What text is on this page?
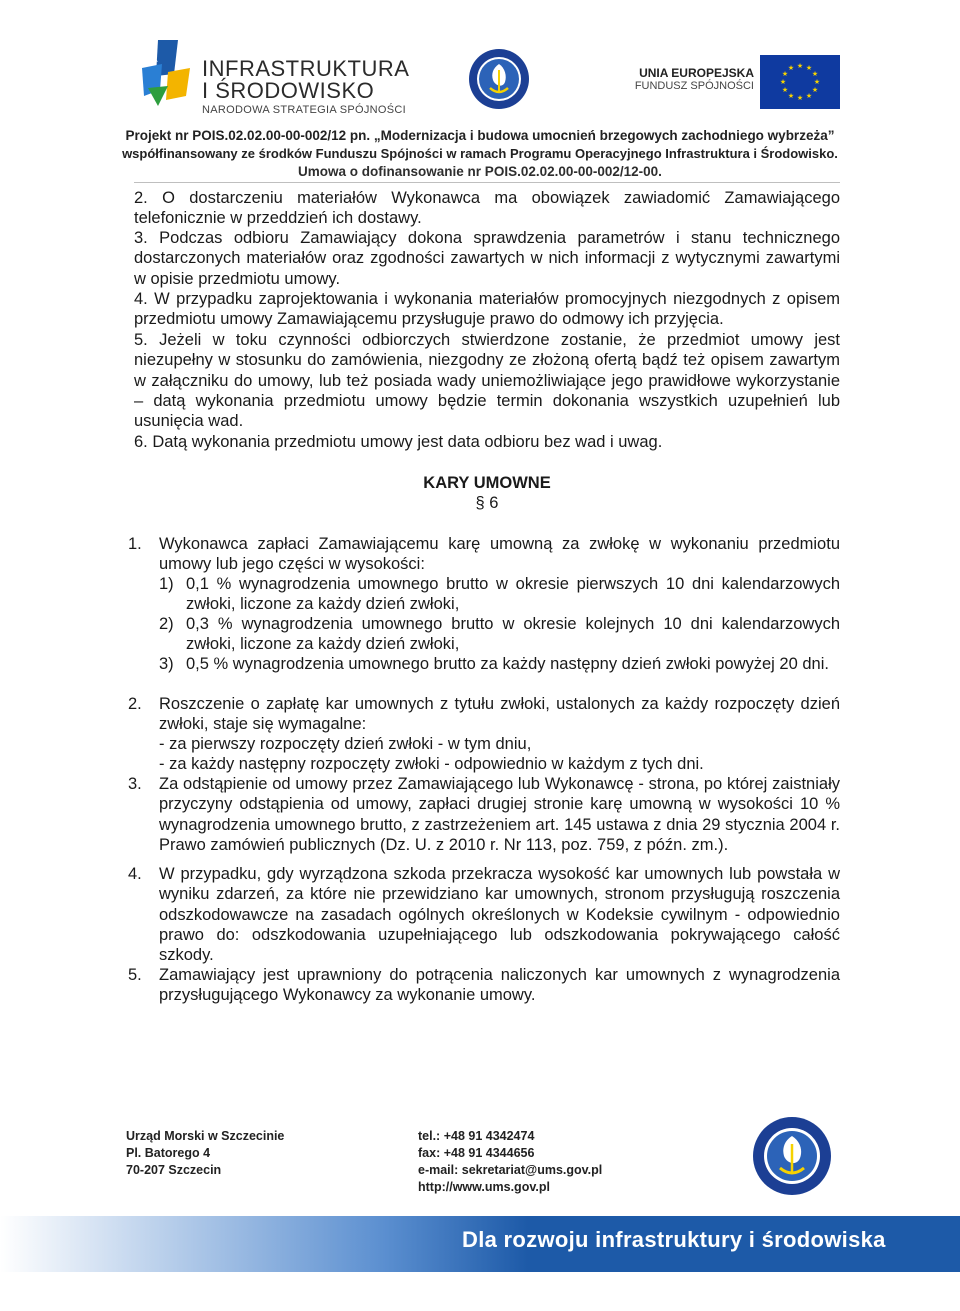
INFRASTRUKTURA
I ŚRODOWISKO
NARODOWA STRATEGIA SPÓJNOŚCI
UNIA EUROPEJSKA
FUNDUSZ SPÓJNOŚCI
★ ★
★
★
★
★
★
★
★
★
★
★
Projekt nr POIS.02.02.00-00-002/12 pn. „Modernizacja i budowa umocnień brzegowych zachodniego wybrzeża”
współfinansowany ze środków Funduszu Spójności w ramach Programu Operacyjnego Infrastruktura i Środowisko.
Umowa o dofinansowanie nr POIS.02.02.00-00-002/12-00.
2. O dostarczeniu materiałów Wykonawca ma obowiązek zawiadomić Zamawiającego telefonicznie w przeddzień ich dostawy.
3. Podczas odbioru Zamawiający dokona sprawdzenia parametrów i stanu technicznego dostarczonych materiałów oraz zgodności zawartych w nich informacji z wytycznymi zawartymi w opisie przedmiotu umowy.
4. W przypadku zaprojektowania i wykonania materiałów promocyjnych niezgodnych z opisem przedmiotu umowy Zamawiającemu przysługuje prawo do odmowy ich przyjęcia.
5. Jeżeli w toku czynności odbiorczych stwierdzone zostanie, że przedmiot umowy jest niezupełny w stosunku do zamówienia, niezgodny ze złożoną ofertą bądź też opisem zawartym w załączniku do umowy, lub też posiada wady uniemożliwiające jego prawidłowe wykorzystanie – datą wykonania przedmiotu umowy będzie termin dokonania wszystkich uzupełnień lub usunięcia wad.
6. Datą wykonania przedmiotu umowy jest data odbioru bez wad i uwag.
KARY UMOWNE
§ 6
1. Wykonawca zapłaci Zamawiającemu karę umowną za zwłokę w wykonaniu przedmiotu umowy lub jego części w wysokości:
1) 0,1 % wynagrodzenia umownego brutto w okresie pierwszych 10 dni kalendarzowych zwłoki, liczone za każdy dzień zwłoki,
2) 0,3 % wynagrodzenia umownego brutto w okresie kolejnych 10 dni kalendarzowych zwłoki, liczone za każdy dzień zwłoki,
3) 0,5 % wynagrodzenia umownego brutto za każdy następny dzień zwłoki powyżej 20 dni.
2. Roszczenie o zapłatę kar umownych z tytułu zwłoki, ustalonych za każdy rozpoczęty dzień zwłoki, staje się wymagalne:
- za pierwszy rozpoczęty dzień zwłoki - w tym dniu,
- za każdy następny rozpoczęty zwłoki - odpowiednio w każdym z tych dni.
3. Za odstąpienie od umowy przez Zamawiającego lub Wykonawcę - strona, po której zaistniały przyczyny odstąpienia od umowy, zapłaci drugiej stronie karę umowną w wysokości 10 % wynagrodzenia umownego brutto, z zastrzeżeniem art. 145 ustawa z dnia 29 stycznia 2004 r. Prawo zamówień publicznych (Dz. U. z 2010 r. Nr 113, poz. 759, z późn. zm.).
4. W przypadku, gdy wyrządzona szkoda przekracza wysokość kar umownych lub powstała w wyniku zdarzeń, za które nie przewidziano kar umownych, stronom przysługują roszczenia odszkodowawcze na zasadach ogólnych określonych w Kodeksie cywilnym - odpowiednio prawo do: odszkodowania uzupełniającego lub odszkodowania pokrywającego całość szkody.
5. Zamawiający jest uprawniony do potrącenia naliczonych kar umownych z wynagrodzenia przysługującego Wykonawcy za wykonanie umowy.
Urząd Morski w Szczecinie
Pl. Batorego 4
70-207 Szczecin
tel.: +48 91 4342474
fax: +48 91 4344656
e-mail: sekretariat@ums.gov.pl
http://www.ums.gov.pl
Dla rozwoju infrastruktury i środowiska
